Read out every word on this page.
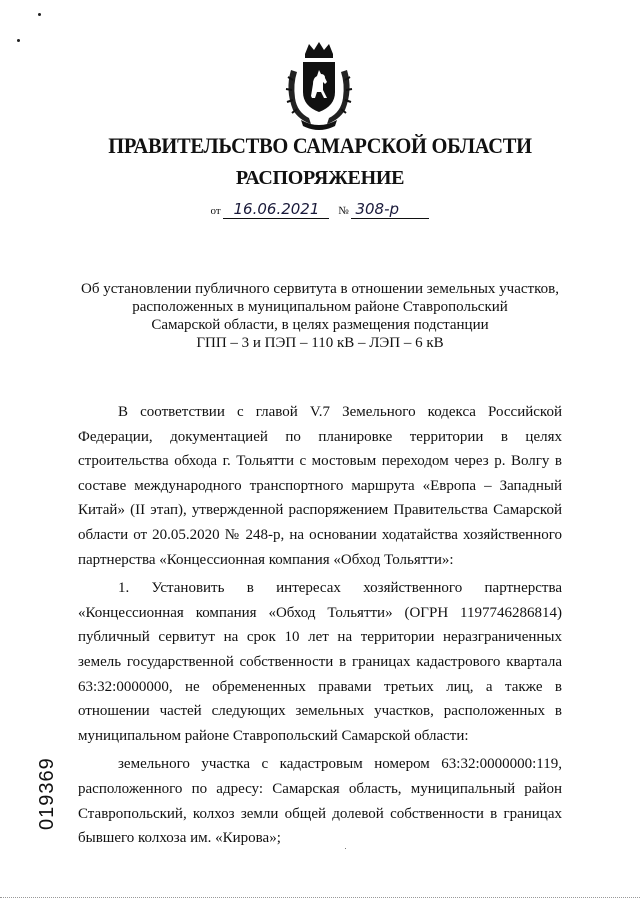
ПРАВИТЕЛЬСТВО САМАРСКОЙ ОБЛАСТИ
РАСПОРЯЖЕНИЕ
от 16.06.2021 № 308-р
Об установлении публичного сервитута в отношении земельных участков,
расположенных в муниципальном районе Ставропольский
Самарской области, в целях размещения подстанции
ГПП – 3 и ПЭП – 110 кВ – ЛЭП – 6 кВ

В соответствии с главой V.7 Земельного кодекса Российской Федерации, документацией по планировке территории в целях строительства обхода г. Тольятти с мостовым переходом через р. Волгу в составе международного транспортного маршрута «Европа – Западный Китай» (II этап), утвержденной распоряжением Правительства Самарской области от 20.05.2020 № 248-р, на основании ходатайства хозяйственного партнерства «Концессионная компания «Обход Тольятти»:

1. Установить в интересах хозяйственного партнерства «Концессионная компания «Обход Тольятти» (ОГРН 1197746286814) публичный сервитут на срок 10 лет на территории неразграниченных земель государственной собственности в границах кадастрового квартала 63:32:0000000, не обремененных правами третьих лиц, а также в отношении частей следующих земельных участков, расположенных в муниципальном районе Ставропольский Самарской области:

земельного участка с кадастровым номером 63:32:0000000:119, расположенного по адресу: Самарская область, муниципальный район Ставропольский, колхоз земли общей долевой собственности в границах бывшего колхоза им. «Кирова»;

019369
